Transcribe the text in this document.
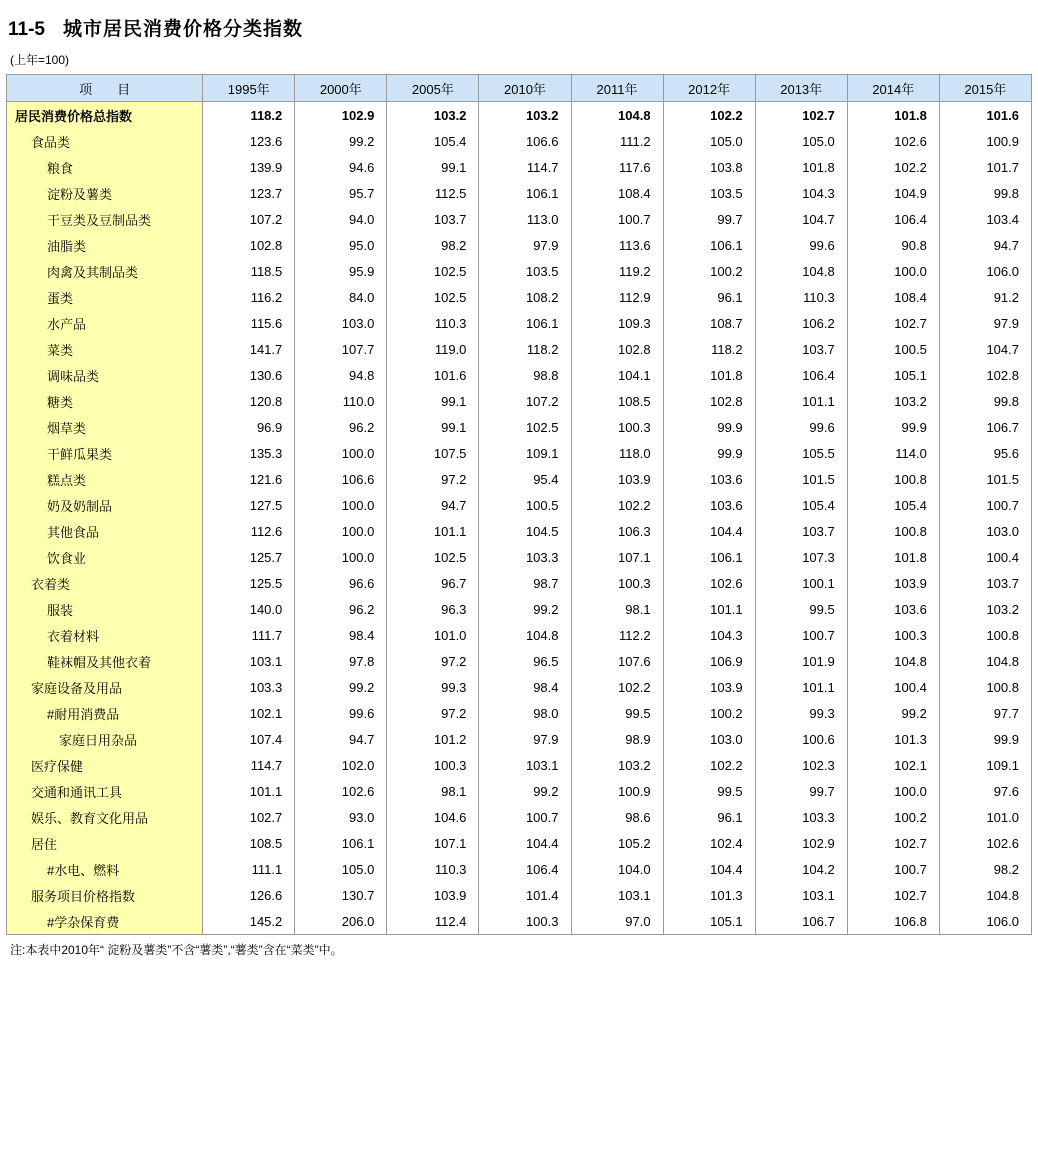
11-5 城市居民消费价格分类指数
(上年=100)
项　目	1995年	2000年	2005年	2010年	2011年	2012年	2013年	2014年	2015年
居民消费价格总指数	118.2	102.9	103.2	103.2	104.8	102.2	102.7	101.8	101.6
食品类	123.6	99.2	105.4	106.6	111.2	105.0	105.0	102.6	100.9
粮食	139.9	94.6	99.1	114.7	117.6	103.8	101.8	102.2	101.7
淀粉及薯类	123.7	95.7	112.5	106.1	108.4	103.5	104.3	104.9	99.8
干豆类及豆制品类	107.2	94.0	103.7	113.0	100.7	99.7	104.7	106.4	103.4
油脂类	102.8	95.0	98.2	97.9	113.6	106.1	99.6	90.8	94.7
肉禽及其制品类	118.5	95.9	102.5	103.5	119.2	100.2	104.8	100.0	106.0
蛋类	116.2	84.0	102.5	108.2	112.9	96.1	110.3	108.4	91.2
水产品	115.6	103.0	110.3	106.1	109.3	108.7	106.2	102.7	97.9
菜类	141.7	107.7	119.0	118.2	102.8	118.2	103.7	100.5	104.7
调味品类	130.6	94.8	101.6	98.8	104.1	101.8	106.4	105.1	102.8
糖类	120.8	110.0	99.1	107.2	108.5	102.8	101.1	103.2	99.8
烟草类	96.9	96.2	99.1	102.5	100.3	99.9	99.6	99.9	106.7
干鲜瓜果类	135.3	100.0	107.5	109.1	118.0	99.9	105.5	114.0	95.6
糕点类	121.6	106.6	97.2	95.4	103.9	103.6	101.5	100.8	101.5
奶及奶制品	127.5	100.0	94.7	100.5	102.2	103.6	105.4	105.4	100.7
其他食品	112.6	100.0	101.1	104.5	106.3	104.4	103.7	100.8	103.0
饮食业	125.7	100.0	102.5	103.3	107.1	106.1	107.3	101.8	100.4
衣着类	125.5	96.6	96.7	98.7	100.3	102.6	100.1	103.9	103.7
服装	140.0	96.2	96.3	99.2	98.1	101.1	99.5	103.6	103.2
衣着材料	111.7	98.4	101.0	104.8	112.2	104.3	100.7	100.3	100.8
鞋袜帽及其他衣着	103.1	97.8	97.2	96.5	107.6	106.9	101.9	104.8	104.8
家庭设备及用品	103.3	99.2	99.3	98.4	102.2	103.9	101.1	100.4	100.8
#耐用消费品	102.1	99.6	97.2	98.0	99.5	100.2	99.3	99.2	97.7
家庭日用杂品	107.4	94.7	101.2	97.9	98.9	103.0	100.6	101.3	99.9
医疗保健	114.7	102.0	100.3	103.1	103.2	102.2	102.3	102.1	109.1
交通和通讯工具	101.1	102.6	98.1	99.2	100.9	99.5	99.7	100.0	97.6
娱乐、教育文化用品	102.7	93.0	104.6	100.7	98.6	96.1	103.3	100.2	101.0
居住	108.5	106.1	107.1	104.4	105.2	102.4	102.9	102.7	102.6
#水电、燃料	111.1	105.0	110.3	106.4	104.0	104.4	104.2	100.7	98.2
服务项目价格指数	126.6	130.7	103.9	101.4	103.1	101.3	103.1	102.7	104.8
#学杂保育费	145.2	206.0	112.4	100.3	97.0	105.1	106.7	106.8	106.0
注:本表中2010年“ 淀粉及薯类”不含“薯类”,“薯类”含在“菜类”中。
